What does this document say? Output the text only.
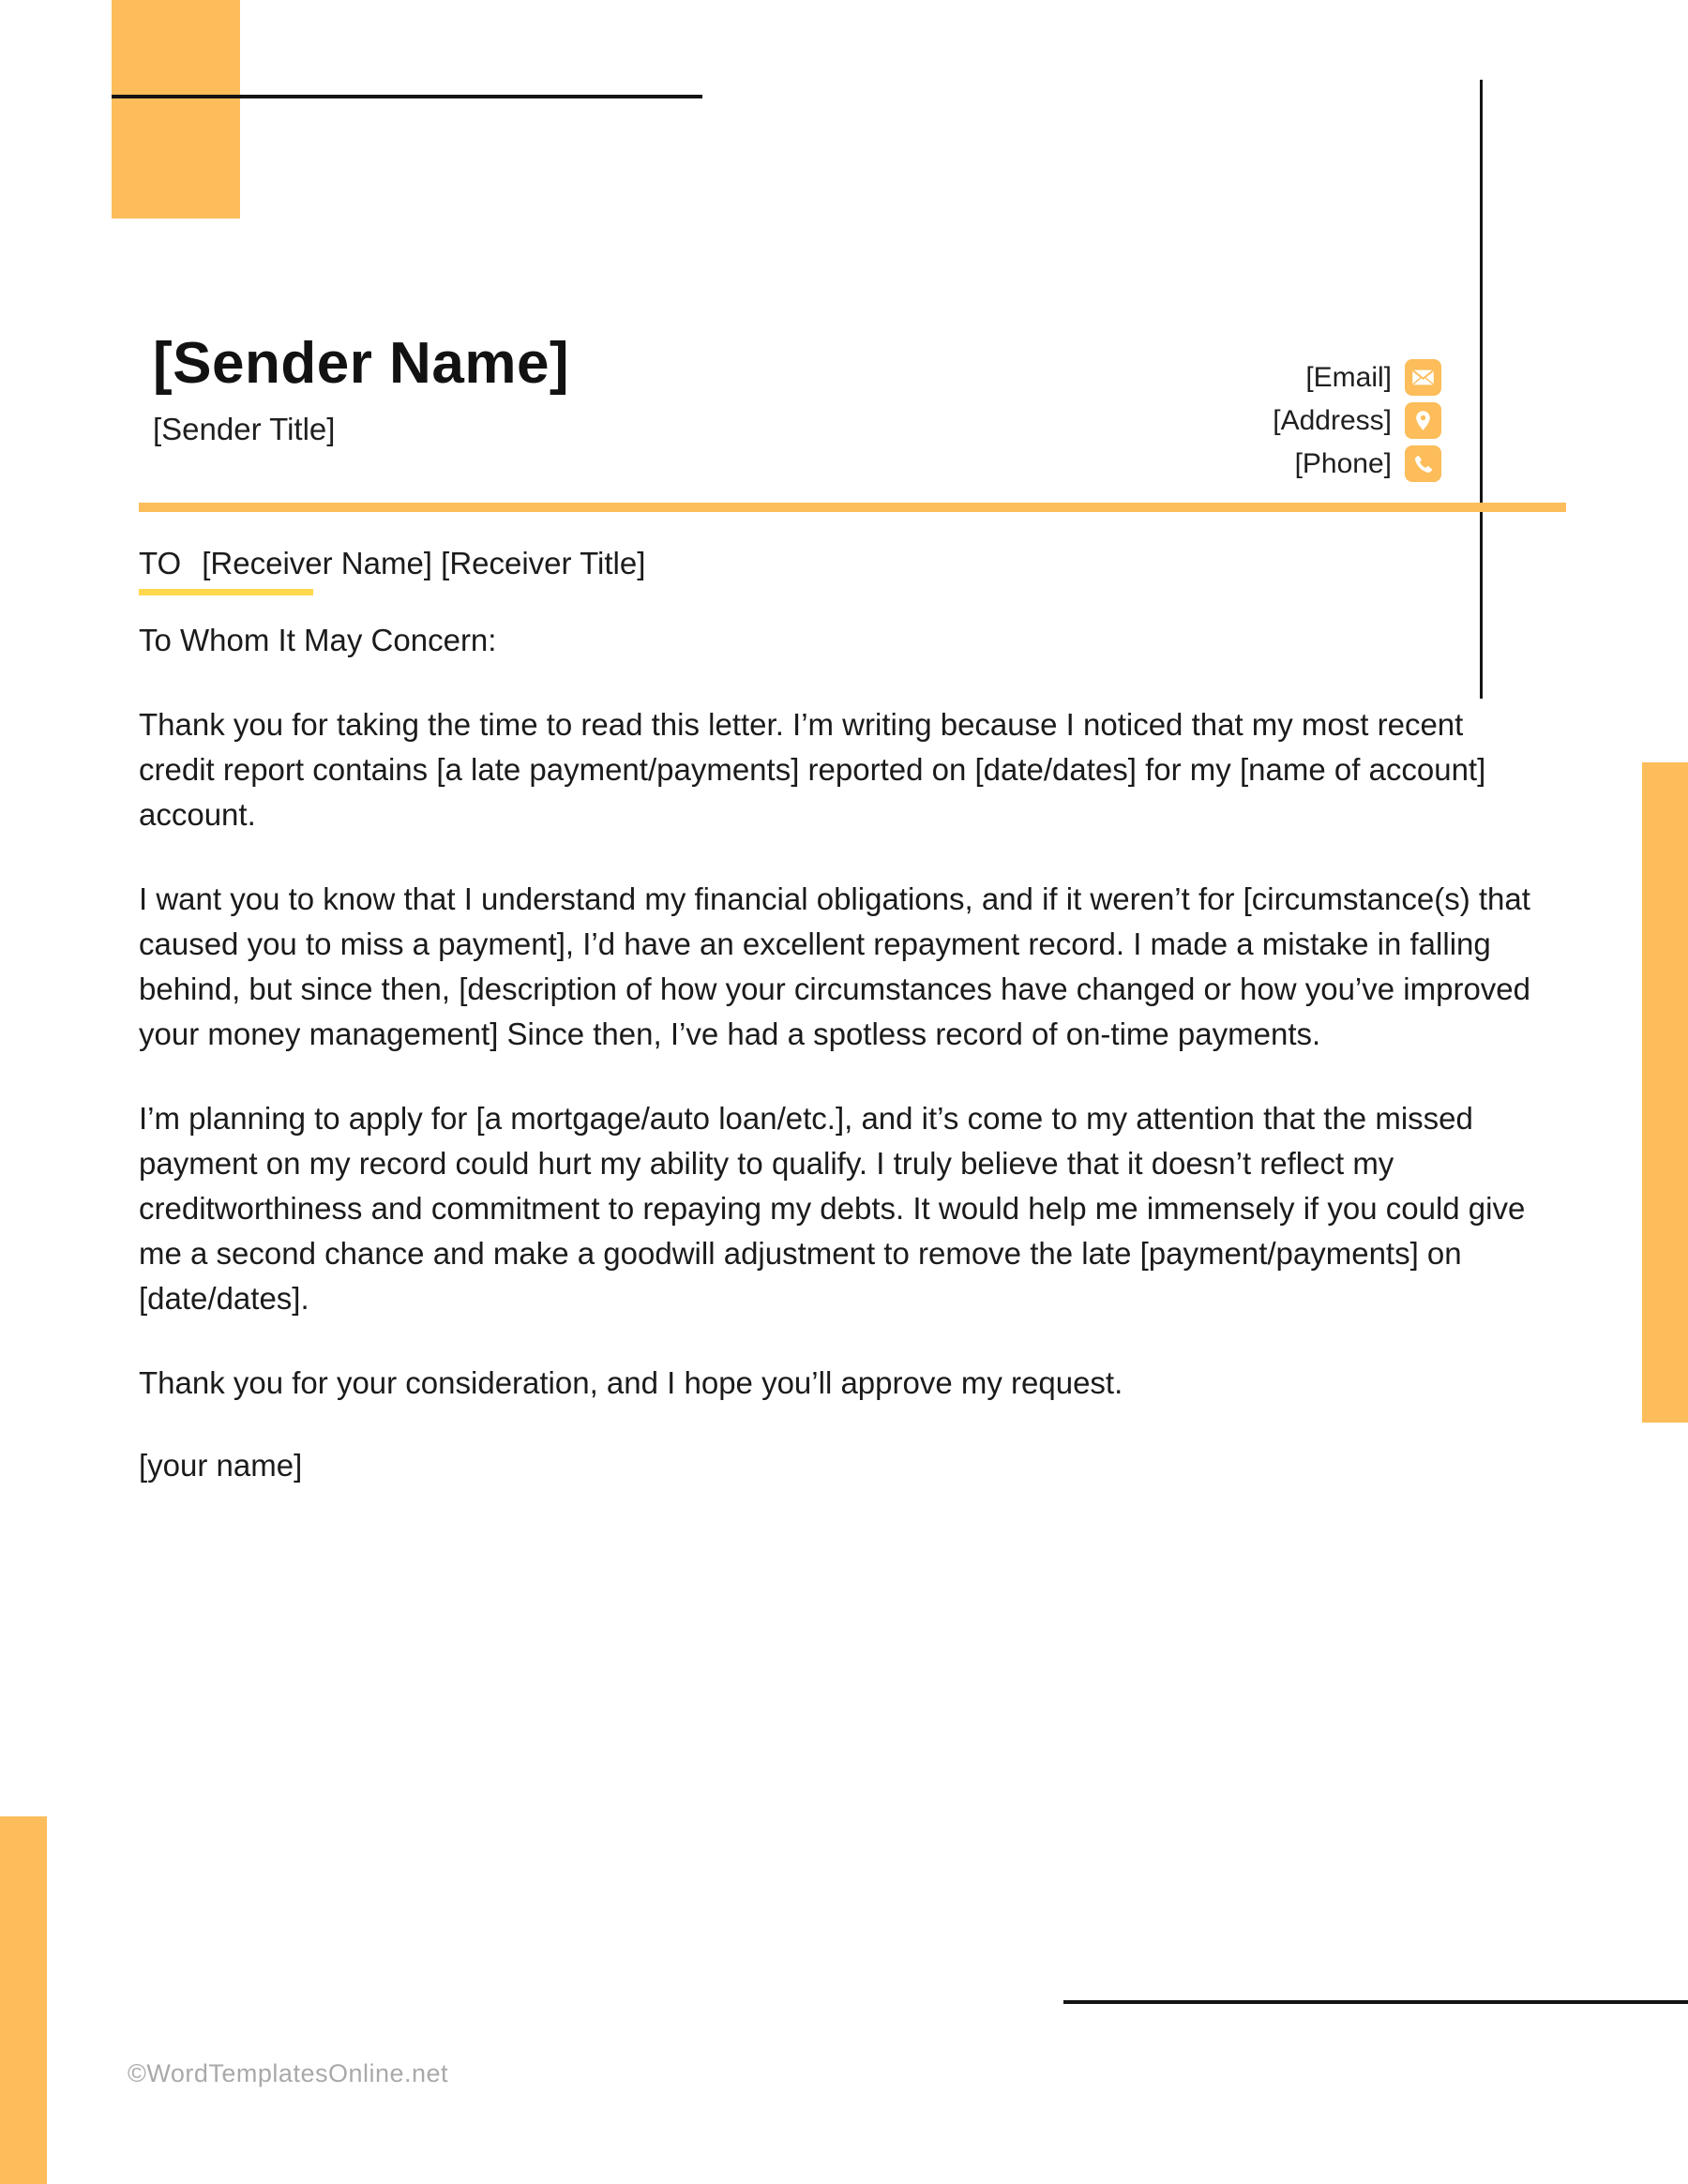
[Sender Name]
[Sender Title]
[Email]
[Address]
[Phone]
TO [Receiver Name] [Receiver Title]

To Whom It May Concern:

Thank you for taking the time to read this letter. I’m writing because I noticed that my most recent credit report contains [a late payment/payments] reported on [date/dates] for my [name of account]  account.

I want you to know that I understand my financial obligations, and if it weren’t for [circumstance(s) that caused you to miss a payment], I’d have an excellent repayment record. I made a mistake in falling behind, but since then, [description of how your circumstances have changed or how you’ve improved your money management] Since then, I’ve had a spotless record of on-time payments.

I’m planning to apply for [a mortgage/auto loan/etc.], and it’s come to my attention that the missed payment on my record could hurt my ability to qualify. I truly believe that it doesn’t reflect my creditworthiness and commitment to repaying my debts. It would help me immensely if you could give me a second chance and make a goodwill adjustment to remove the late [payment/payments] on [date/dates].

Thank you for your consideration, and I hope you’ll approve my request.

[your name]

©WordTemplatesOnline.net
